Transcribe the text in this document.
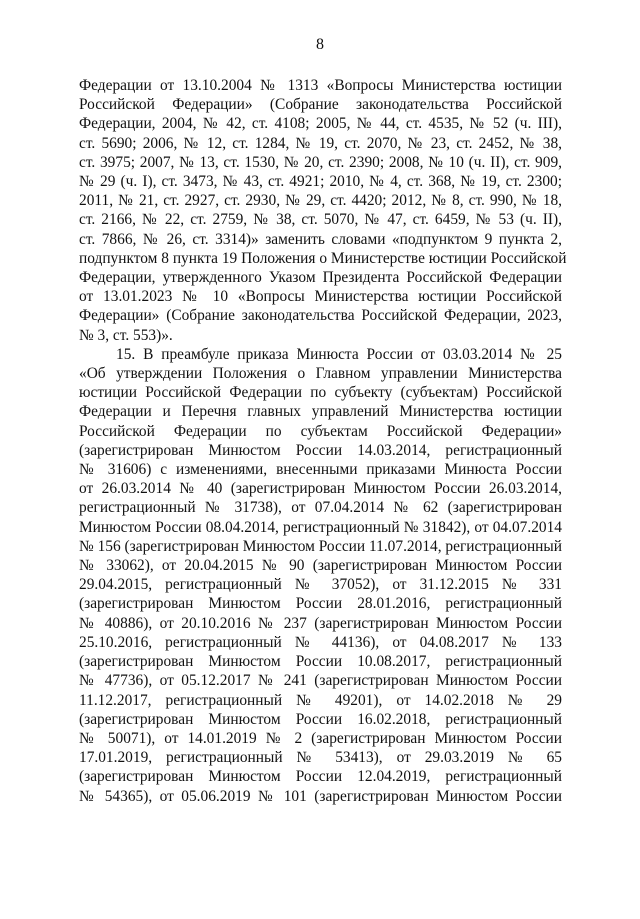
8

Федерации от 13.10.2004 № 1313 «Вопросы Министерства юстиции
Российской Федерации» (Собрание законодательства Российской
Федерации, 2004, № 42, ст. 4108; 2005, № 44, ст. 4535, № 52 (ч. III),
ст. 5690; 2006, № 12, ст. 1284, № 19, ст. 2070, № 23, ст. 2452, № 38,
ст. 3975; 2007, № 13, ст. 1530, № 20, ст. 2390; 2008, № 10 (ч. II), ст. 909,
№ 29 (ч. I), ст. 3473, № 43, ст. 4921; 2010, № 4, ст. 368, № 19, ст. 2300;
2011, № 21, ст. 2927, ст. 2930, № 29, ст. 4420; 2012, № 8, ст. 990, № 18,
ст. 2166, № 22, ст. 2759, № 38, ст. 5070, № 47, ст. 6459, № 53 (ч. II),
ст. 7866, № 26, ст. 3314)» заменить словами «подпунктом 9 пункта 2,
подпунктом 8 пункта 19 Положения о Министерстве юстиции Российской
Федерации, утвержденного Указом Президента Российской Федерации
от 13.01.2023 № 10 «Вопросы Министерства юстиции Российской
Федерации» (Собрание законодательства Российской Федерации, 2023,
№ 3, ст. 553)».

15. В преамбуле приказа Минюста России от 03.03.2014 № 25
«Об утверждении Положения о Главном управлении Министерства
юстиции Российской Федерации по субъекту (субъектам) Российской
Федерации и Перечня главных управлений Министерства юстиции
Российской Федерации по субъектам Российской Федерации»
(зарегистрирован Минюстом России 14.03.2014, регистрационный
№ 31606) с изменениями, внесенными приказами Минюста России
от 26.03.2014 № 40 (зарегистрирован Минюстом России 26.03.2014,
регистрационный № 31738), от 07.04.2014 № 62 (зарегистрирован
Минюстом России 08.04.2014, регистрационный № 31842), от 04.07.2014
№ 156 (зарегистрирован Минюстом России 11.07.2014, регистрационный
№ 33062), от 20.04.2015 № 90 (зарегистрирован Минюстом России
29.04.2015, регистрационный № 37052), от 31.12.2015 № 331
(зарегистрирован Минюстом России 28.01.2016, регистрационный
№ 40886), от 20.10.2016 № 237 (зарегистрирован Минюстом России
25.10.2016, регистрационный № 44136), от 04.08.2017 № 133
(зарегистрирован Минюстом России 10.08.2017, регистрационный
№ 47736), от 05.12.2017 № 241 (зарегистрирован Минюстом России
11.12.2017, регистрационный № 49201), от 14.02.2018 № 29
(зарегистрирован Минюстом России 16.02.2018, регистрационный
№ 50071), от 14.01.2019 № 2 (зарегистрирован Минюстом России
17.01.2019, регистрационный № 53413), от 29.03.2019 № 65
(зарегистрирован Минюстом России 12.04.2019, регистрационный
№ 54365), от 05.06.2019 № 101 (зарегистрирован Минюстом России
